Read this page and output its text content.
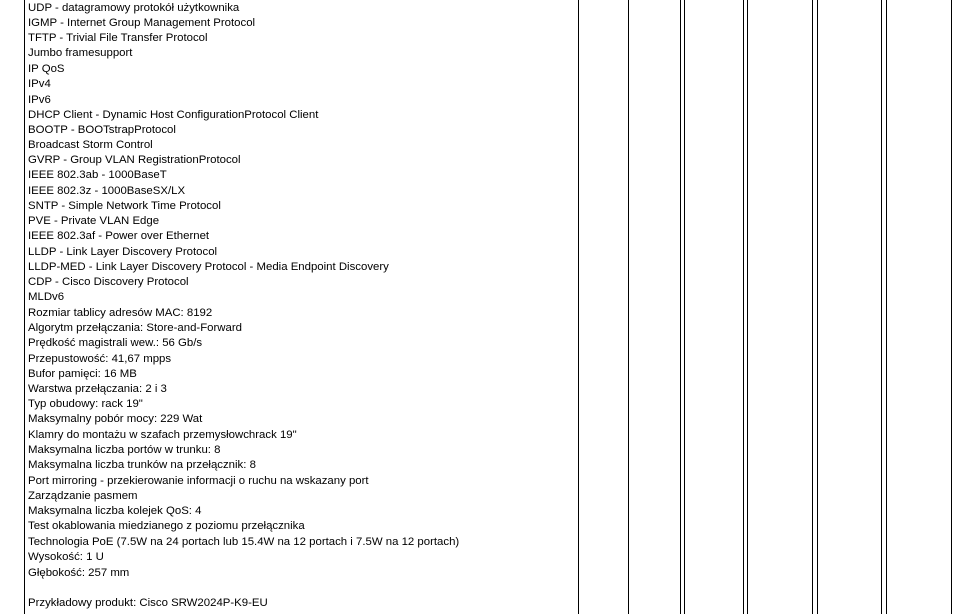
UDP - datagramowy protokół użytkownika
IGMP - Internet Group Management Protocol
TFTP - Trivial File Transfer Protocol
Jumbo framesupport
IP QoS
IPv4
IPv6
DHCP Client - Dynamic Host ConfigurationProtocol Client
BOOTP - BOOTstrapProtocol
Broadcast Storm Control
GVRP - Group VLAN RegistrationProtocol
IEEE 802.3ab - 1000BaseT
IEEE 802.3z - 1000BaseSX/LX
SNTP - Simple Network Time Protocol
PVE - Private VLAN Edge
IEEE 802.3af - Power over Ethernet
LLDP - Link Layer Discovery Protocol
LLDP-MED - Link Layer Discovery Protocol - Media Endpoint Discovery
CDP - Cisco Discovery Protocol
MLDv6
Rozmiar tablicy adresów MAC: 8192
Algorytm przełączania: Store-and-Forward
Prędkość magistrali wew.: 56 Gb/s
Przepustowość: 41,67 mpps
Bufor pamięci: 16 MB
Warstwa przełączania: 2 i 3
Typ obudowy: rack 19"
Maksymalny pobór mocy: 229 Wat
Klamry do montażu w szafach przemysłowchrack 19"
Maksymalna liczba portów w trunku: 8
Maksymalna liczba trunków na przełącznik: 8
Port mirroring - przekierowanie informacji o ruchu na wskazany port
Zarządzanie pasmem
Maksymalna liczba kolejek QoS: 4
Test okablowania miedzianego z poziomu przełącznika
Technologia PoE (7.5W na 24 portach lub 15.4W na 12 portach i 7.5W na 12 portach)
Wysokość: 1 U
Głębokość: 257 mm
Przykładowy produkt: Cisco SRW2024P-K9-EU
